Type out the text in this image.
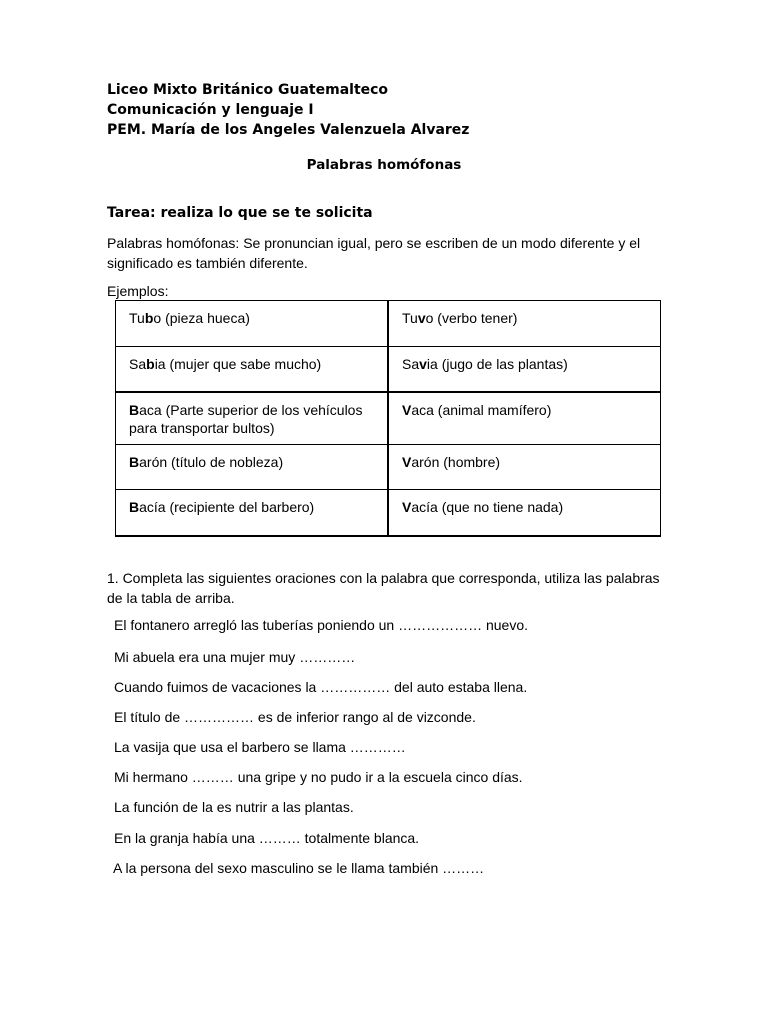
Liceo Mixto Británico Guatemalteco
Comunicación y lenguaje I
PEM. María de los Angeles Valenzuela Alvarez
Palabras homófonas
Tarea: realiza lo que se te solicita
Palabras homófonas: Se pronuncian igual, pero se escriben de un modo diferente y el significado es también diferente.
Ejemplos:
Tubo (pieza hueca)	Tuvo (verbo tener)
Sabia (mujer que sabe mucho)	Savia (jugo de las plantas)
Baca (Parte superior de los vehículos para transportar bultos)	Vaca (animal mamífero)
Barón (título de nobleza)	Varón (hombre)
Bacía (recipiente del barbero)	Vacía (que no tiene nada)
1. Completa las siguientes oraciones con la palabra que corresponda, utiliza las palabras de la tabla de arriba.
El fontanero arregló las tuberías poniendo un ……………… nuevo.
Mi abuela era una mujer muy …………
Cuando fuimos de vacaciones la …………… del auto estaba llena.
El título de …………… es de inferior rango al de vizconde.
La vasija que usa el barbero se llama …………
Mi hermano ……… una gripe y no pudo ir a la escuela cinco días.
La función de la es nutrir a las plantas.
En la granja había una ……… totalmente blanca.
A la persona del sexo masculino se le llama también ………
